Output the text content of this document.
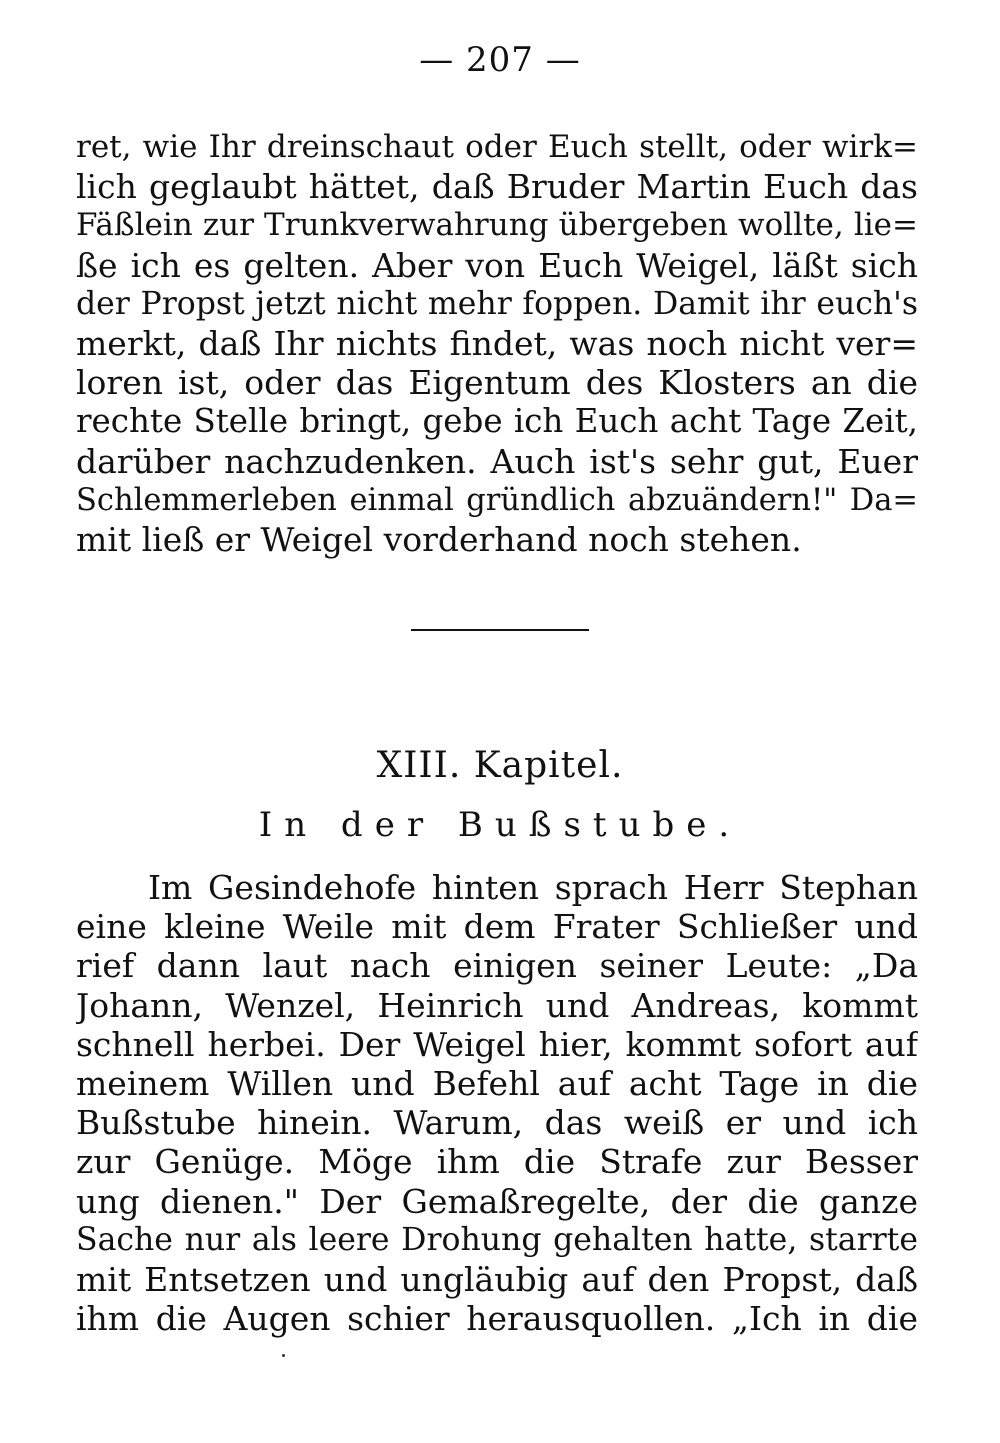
— 207 —
ret, wie Ihr dreinschaut oder Euch stellt, oder wirk=
lich geglaubt hättet, daß Bruder Martin Euch das
Fäßlein zur Trunkverwahrung übergeben wollte, lie=
ße ich es gelten. Aber von Euch Weigel, läßt sich
der Propst jetzt nicht mehr foppen. Damit ihr euch's
merkt, daß Ihr nichts findet, was noch nicht ver=
loren ist, oder das Eigentum des Klosters an die
rechte Stelle bringt, gebe ich Euch acht Tage Zeit,
darüber nachzudenken. Auch ist's sehr gut, Euer
Schlemmerleben einmal gründlich abzuändern!" Da=
mit ließ er Weigel vorderhand noch stehen.
XIII. Kapitel.
In der Bußstube.
Im Gesindehofe hinten sprach Herr Stephan
eine kleine Weile mit dem Frater Schließer und
rief dann laut nach einigen seiner Leute: „Da
Johann, Wenzel, Heinrich und Andreas, kommt
schnell herbei. Der Weigel hier, kommt sofort auf
meinem Willen und Befehl auf acht Tage in die
Bußstube hinein. Warum, das weiß er und ich
zur Genüge. Möge ihm die Strafe zur Besser
ung dienen." Der Gemaßregelte, der die ganze
Sache nur als leere Drohung gehalten hatte, starrte
mit Entsetzen und ungläubig auf den Propst, daß
ihm die Augen schier herausquollen. „Ich in die
